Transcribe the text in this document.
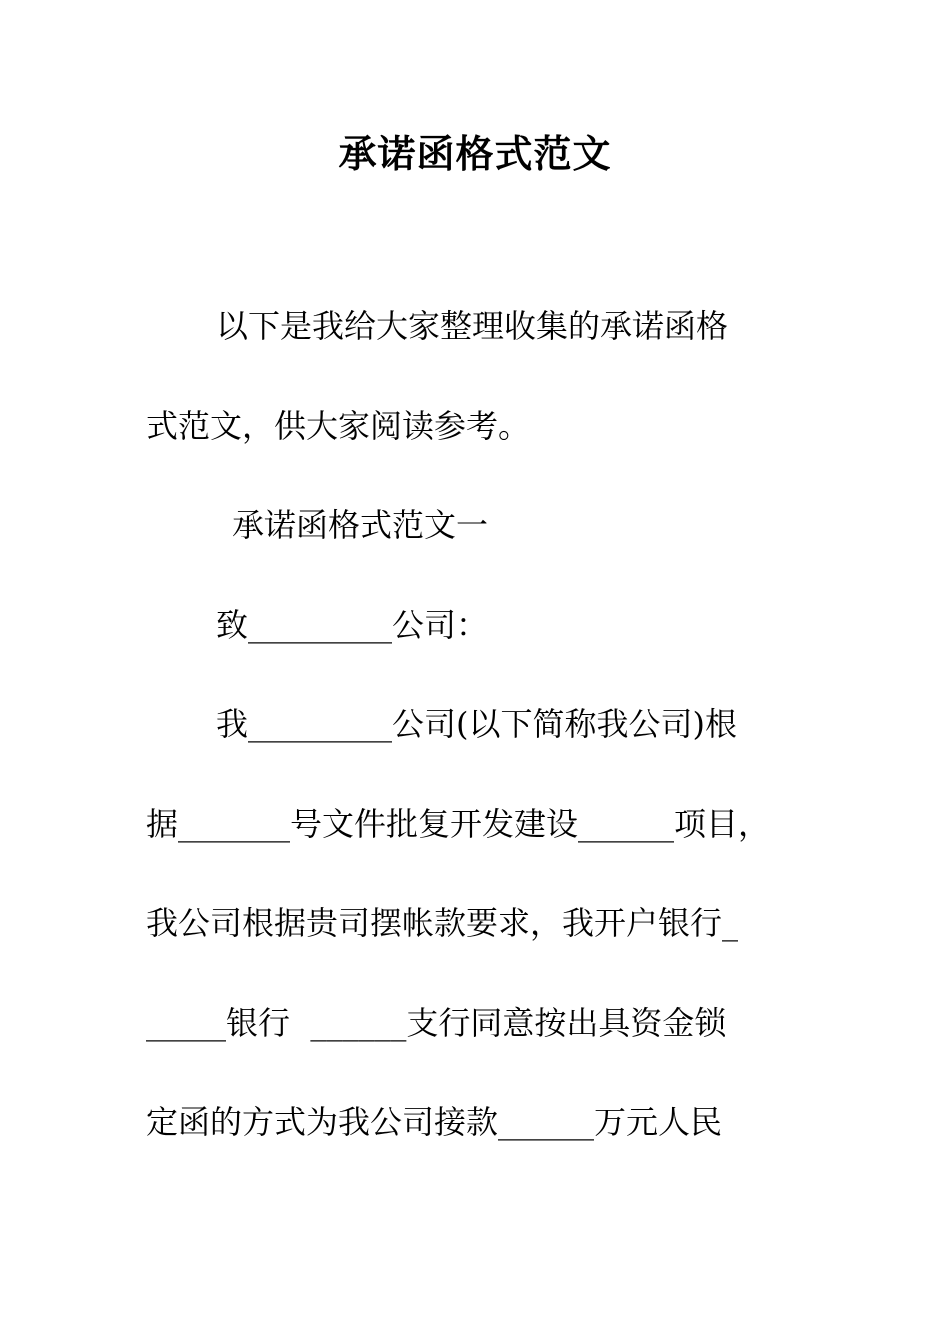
承诺函格式范文
以下是我给大家整理收集的承诺函格
式范文，供大家阅读参考。
承诺函格式范文一
致_________公司：
我_________公司(以下简称我公司)根
据_______号文件批复开发建设______项目，
我公司根据贵司摆帐款要求，我开户银行_
_____银行  ______支行同意按出具资金锁
定函的方式为我公司接款______万元人民
